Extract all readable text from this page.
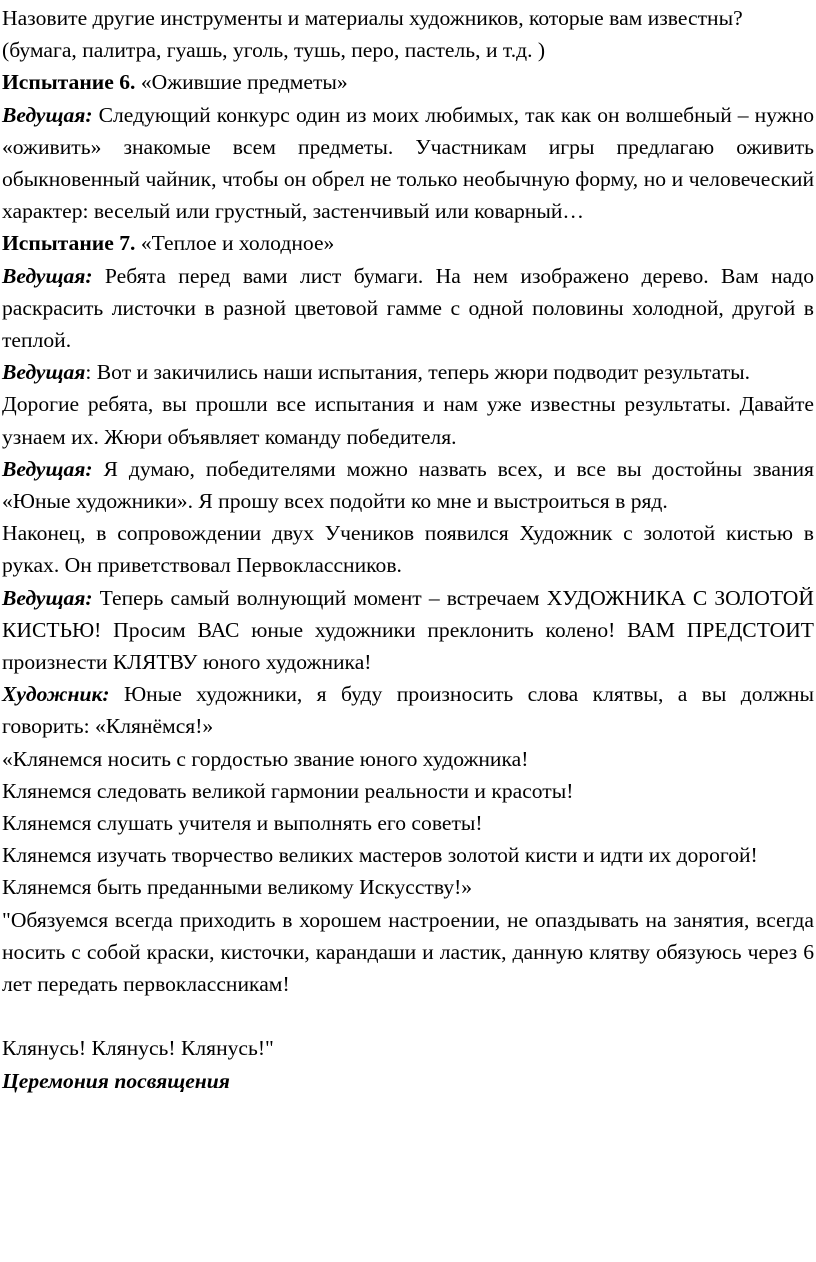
Назовите другие инструменты и материалы художников, которые вам известны?

(бумага, палитра, гуашь, уголь, тушь, перо, пастель, и т.д. )

Испытание 6. «Ожившие предметы»

Ведущая: Следующий конкурс один из моих любимых, так как он волшебный – нужно «оживить» знакомые всем предметы. Участникам игры предлагаю оживить обыкновенный чайник, чтобы он обрел не только необычную форму, но и человеческий характер: веселый или грустный, застенчивый или коварный…

Испытание 7. «Теплое и холодное»

Ведущая: Ребята перед вами лист бумаги. На нем изображено дерево. Вам надо раскрасить листочки в разной цветовой гамме с одной половины холодной, другой в теплой.

Ведущая: Вот и закичились наши испытания, теперь жюри подводит результаты.

Дорогие ребята, вы прошли все испытания и нам уже известны результаты. Давайте узнаем их. Жюри объявляет команду победителя.

Ведущая: Я думаю, победителями можно назвать всех, и все вы достойны звания «Юные художники». Я прошу всех подойти ко мне и выстроиться в ряд.

Наконец, в сопровождении двух Учеников появился Художник с золотой кистью в руках. Он приветствовал Первоклассников.

Ведущая: Теперь самый волнующий момент – встречаем ХУДОЖНИКА С ЗОЛОТОЙ КИСТЬЮ! Просим ВАС юные художники преклонить колено! ВАМ ПРЕДСТОИТ произнести КЛЯТВУ юного художника!

Художник: Юные художники, я буду произносить слова клятвы, а вы должны говорить: «Клянёмся!»

«Клянемся носить с гордостью звание юного художника!

Клянемся следовать великой гармонии реальности и красоты!

Клянемся слушать учителя и выполнять его советы!

Клянемся изучать творчество великих мастеров золотой кисти и идти их дорогой!

Клянемся быть преданными великому Искусству!»

"Обязуемся всегда приходить в хорошем настроении, не опаздывать на занятия, всегда носить с собой краски, кисточки, карандаши и ластик, данную клятву обязуюсь через 6 лет передать первоклассникам!

Клянусь! Клянусь! Клянусь!"

Церемония посвящения
